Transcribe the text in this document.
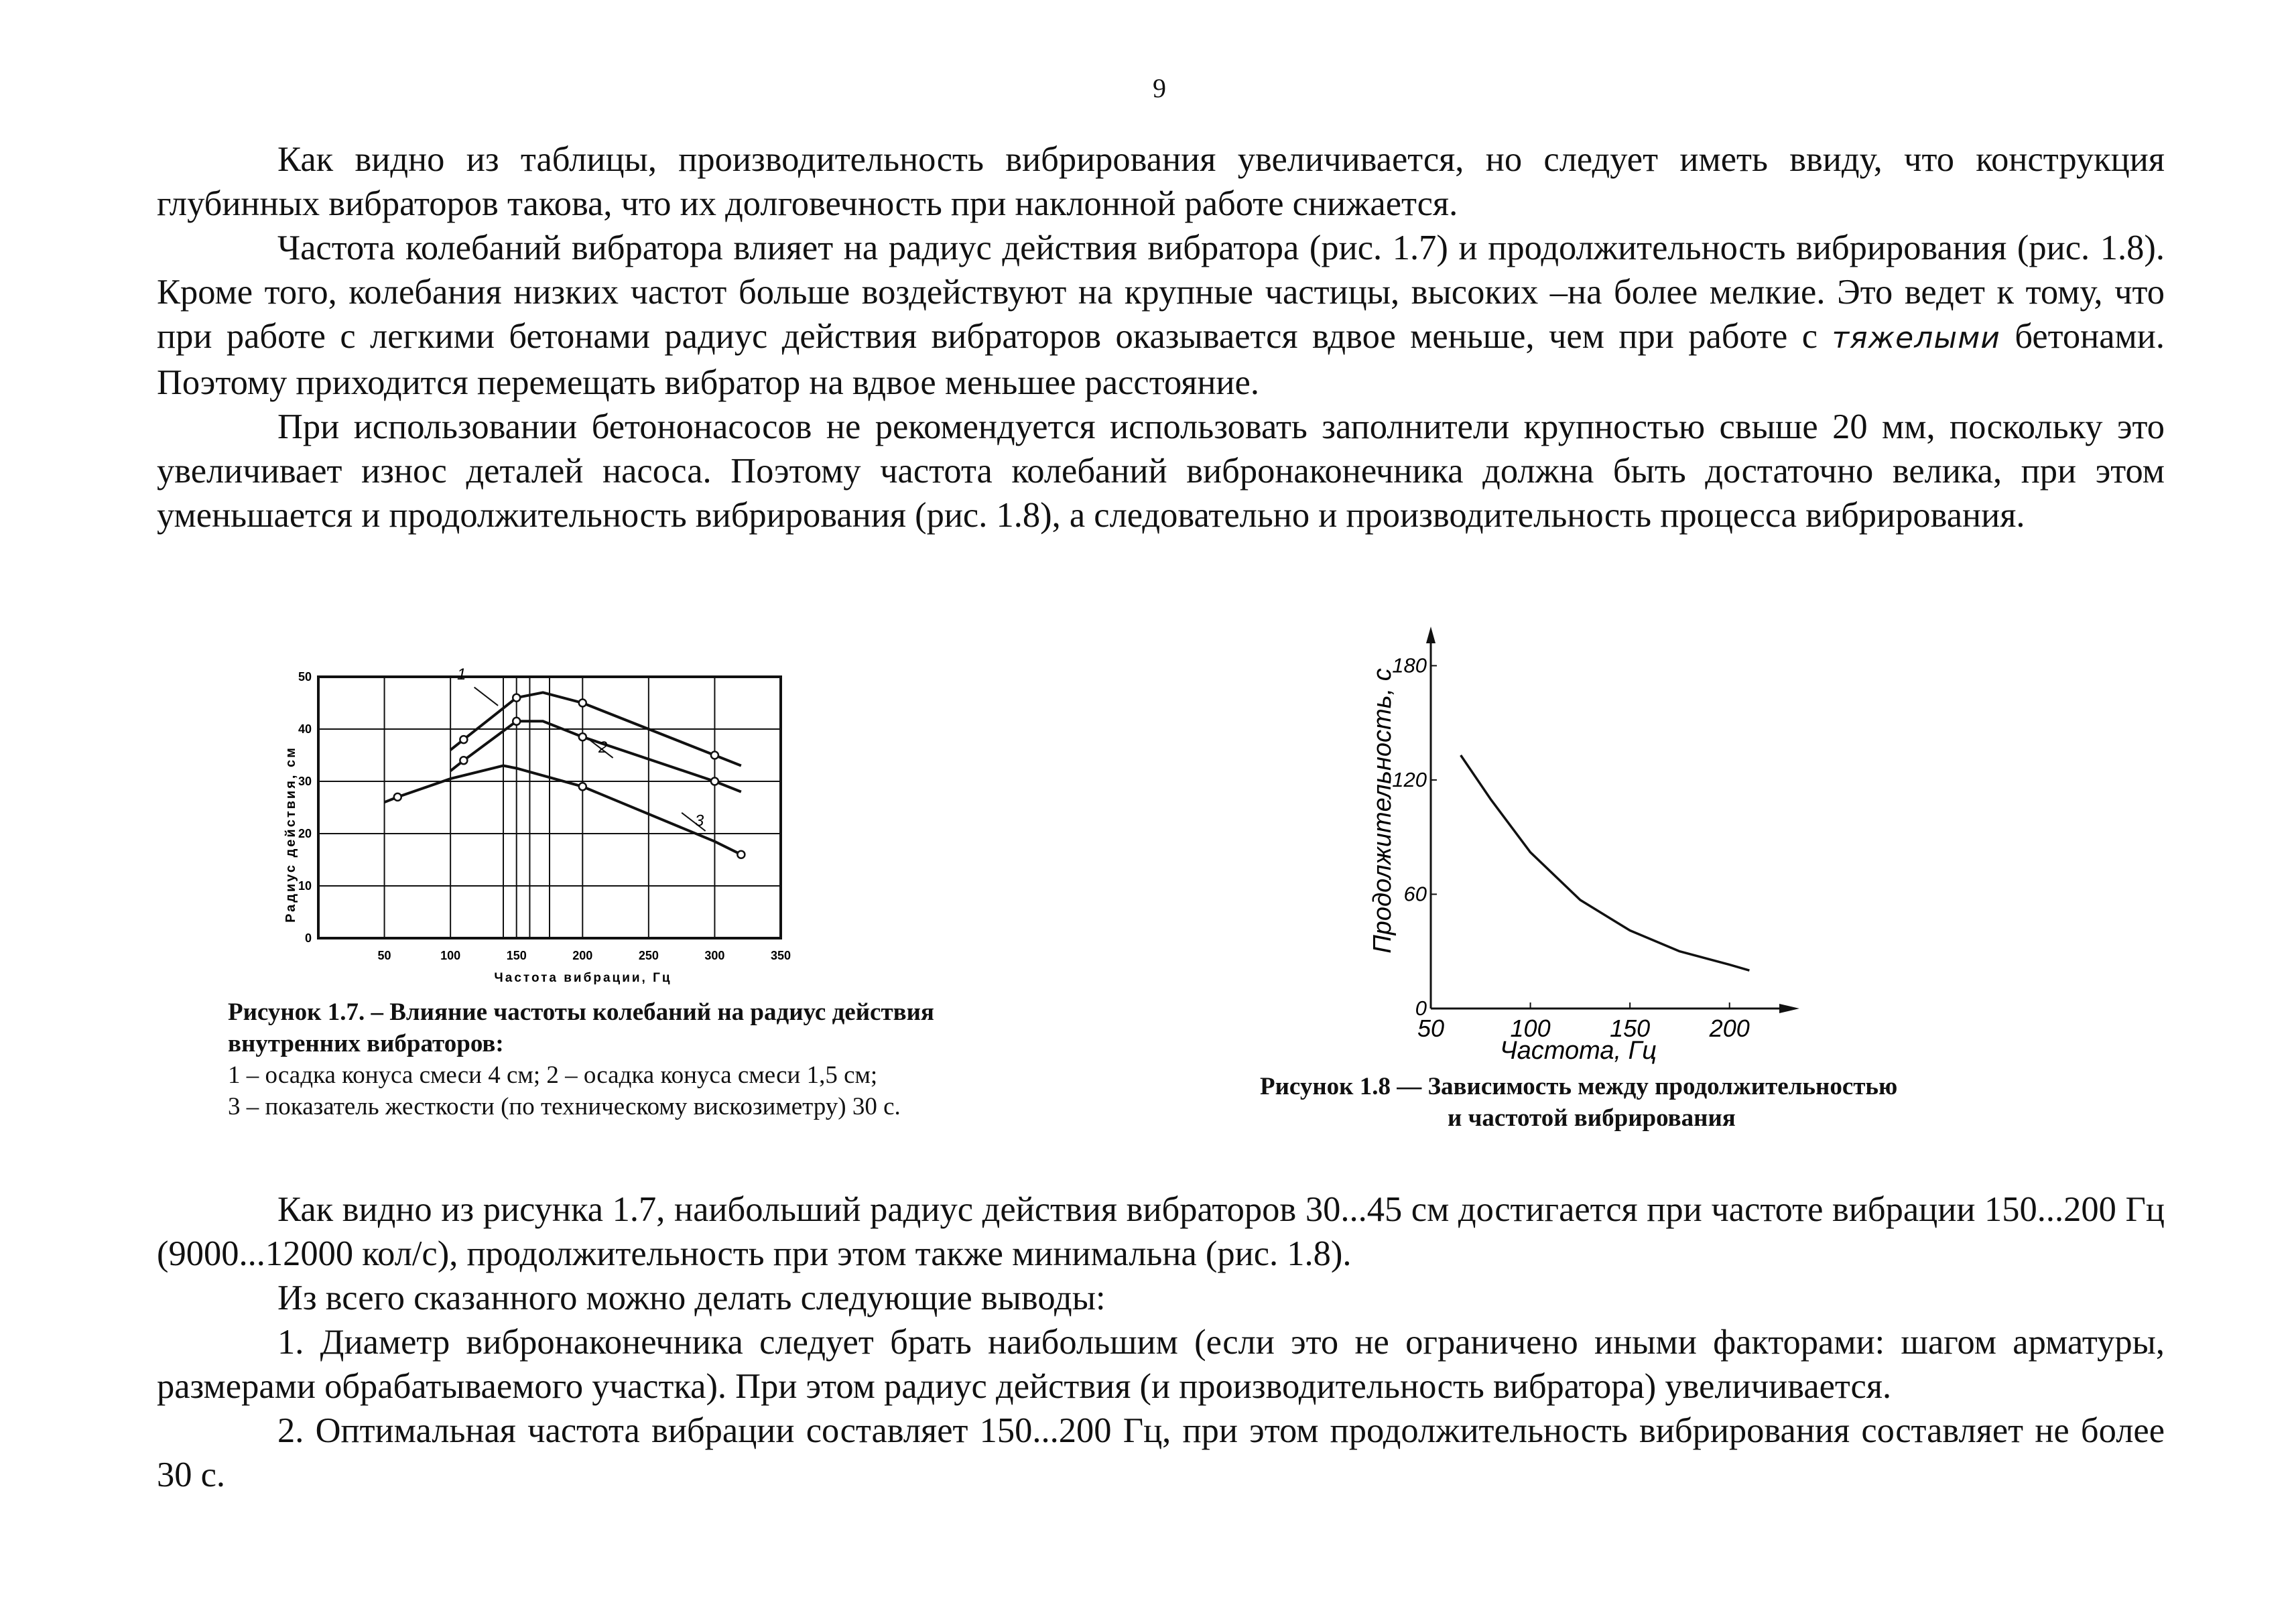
9

Как видно из таблицы, производительность вибрирования увеличивается, но следует иметь ввиду, что конструкция глубинных вибраторов такова, что их долговечность при наклонной работе снижается.

Частота колебаний вибратора влияет на радиус действия вибратора (рис. 1.7) и продолжительность вибрирования (рис. 1.8). Кроме того, колебания низких частот больше воздействуют на крупные частицы, высоких –на более мелкие. Это ведет к тому, что при работе с легкими бетонами радиус действия вибраторов оказывается вдвое меньше, чем при работе с тяжелыми бетонами. Поэтому приходится перемещать вибратор на вдвое меньшее расстояние.

При использовании бетононасосов не рекомендуется использовать заполнители крупностью свыше 20 мм, поскольку это увеличивает износ деталей насоса. Поэтому частота колебаний вибронаконечника должна быть достаточно велика, при этом уменьшается и продолжительность вибрирования (рис. 1.8), а следовательно и производительность процесса вибрирования.

Радиус действия, см
Частота вибрации, Гц
50	100	150	200	250	300	350
0
10
20
30
40
50	1
2
3
Рисунок 1.7. – Влияние частоты колебаний на радиус действия внутренних вибраторов:
1 – осадка конуса смеси 4 см; 2 – осадка конуса смеси 1,5 см;
3 – показатель жесткости (по техническому вискозиметру) 30 с.
Продолжительность, с
Частота, Гц
0
60
120
180
50	100 150 200
Рисунок 1.8 — Зависимость между продолжительностью
и частотой вибрирования

Как видно из рисунка 1.7, наибольший радиус действия вибраторов 30...45 см достигается при частоте вибрации 150...200 Гц (9000...12000 кол/с), продолжительность при этом также минимальна (рис. 1.8).

Из всего сказанного можно делать следующие выводы:

1. Диаметр вибронаконечника следует брать наибольшим (если это не ограничено иными факторами: шагом арматуры, размерами обрабатываемого участка). При этом радиус действия (и производительность вибратора) увеличивается.

2. Оптимальная частота вибрации составляет 150...200 Гц, при этом продолжительность вибрирования составляет не более 30 с.
